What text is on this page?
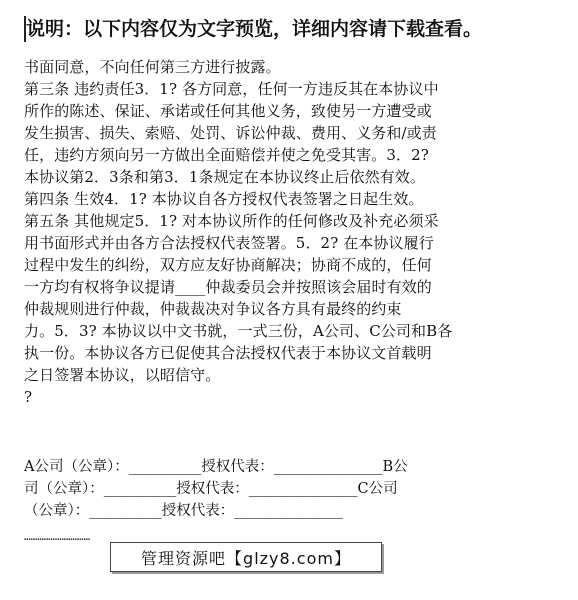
说明：以下内容仅为文字预览，详细内容请下载查看。
书面同意，不向任何第三方进行披露。
第三条 违约责任3．1? 各方同意，任何一方违反其在本协议中
所作的陈述、保证、承诺或任何其他义务，致使另一方遭受或
发生损害、损失、索赔、处罚、诉讼仲裁、费用、义务和/或责
任，违约方须向另一方做出全面赔偿并使之免受其害。3．2?
本协议第2．3条和第3．1条规定在本协议终止后依然有效。
第四条 生效4．1? 本协议自各方授权代表签署之日起生效。
第五条 其他规定5．1? 对本协议所作的任何修改及补充必须采
用书面形式并由各方合法授权代表签署。5．2? 在本协议履行
过程中发生的纠纷，双方应友好协商解决；协商不成的，任何
一方均有权将争议提请____仲裁委员会并按照该会届时有效的
仲裁规则进行仲裁，仲裁裁决对争议各方具有最终的约束
力。5．3? 本协议以中文书就，一式三份，A公司、C公司和B各
执一份。本协议各方已促使其合法授权代表于本协议文首载明
之日签署本协议，以昭信守。
?
A公司（公章）：__________授权代表：_______________B公
司（公章）：__________授权代表：_______________C公司
（公章）：__________授权代表：_______________
…………………………
管理资源吧【glzy8.com】
